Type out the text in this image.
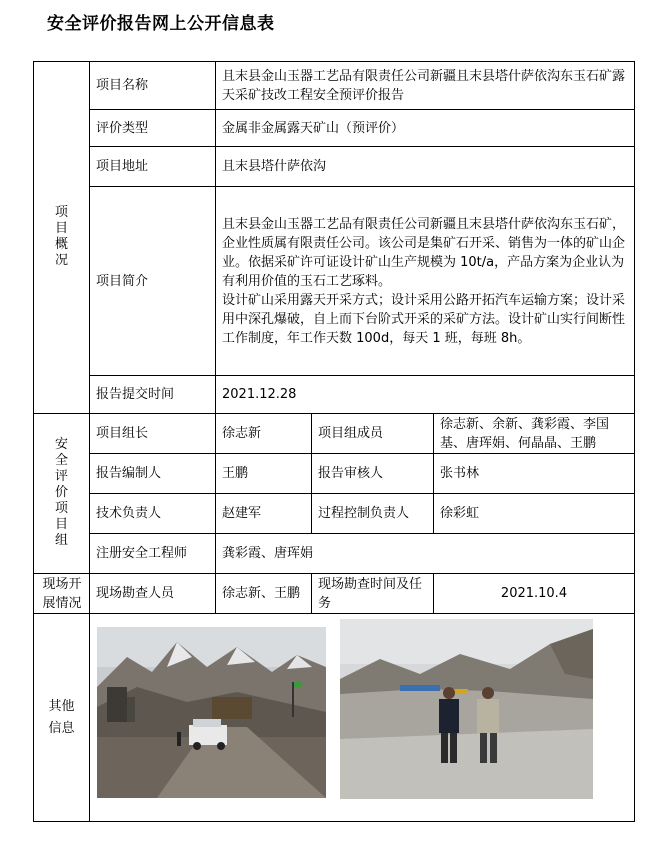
安全评价报告网上公开信息表
项目概况	项目名称	且末县金山玉器工艺品有限责任公司新疆且末县塔什萨依沟东玉石矿露天采矿技改工程安全预评价报告		
	评价类型	金属非金属露天矿山（预评价）		
	项目地址	且末县塔什萨依沟		
	项目简介	且末县金山玉器工艺品有限责任公司新疆且末县塔什萨依沟东玉石矿，企业性质属有限责任公司。该公司是集矿石开采、销售为一体的矿山企业。依据采矿许可证设计矿山生产规模为 10t/a，产品方案为企业认为有利用价值的玉石工艺琢料。
设计矿山采用露天开采方式；设计采用公路开拓汽车运输方案；设计采用中深孔爆破，自上而下台阶式开采的采矿方法。设计矿山实行间断性工作制度，年工作天数 100d，每天 1 班，每班 8h。		

	报告提交时间	2021.12.28		
安全评价项目组	项目组长	徐志新	项目组成员	徐志新、余新、龚彩霞、李国基、唐珲娟、何晶晶、王鹏
	报告编制人	王鹏	报告审核人	张书林
	技术负责人	赵建军	过程控制负责人	徐彩虹
	注册安全工程师	龚彩霞、唐珲娟		
现场开展情况	现场勘查人员	徐志新、王鹏	现场勘查时间及任务	2021.10.4
其他信息				
